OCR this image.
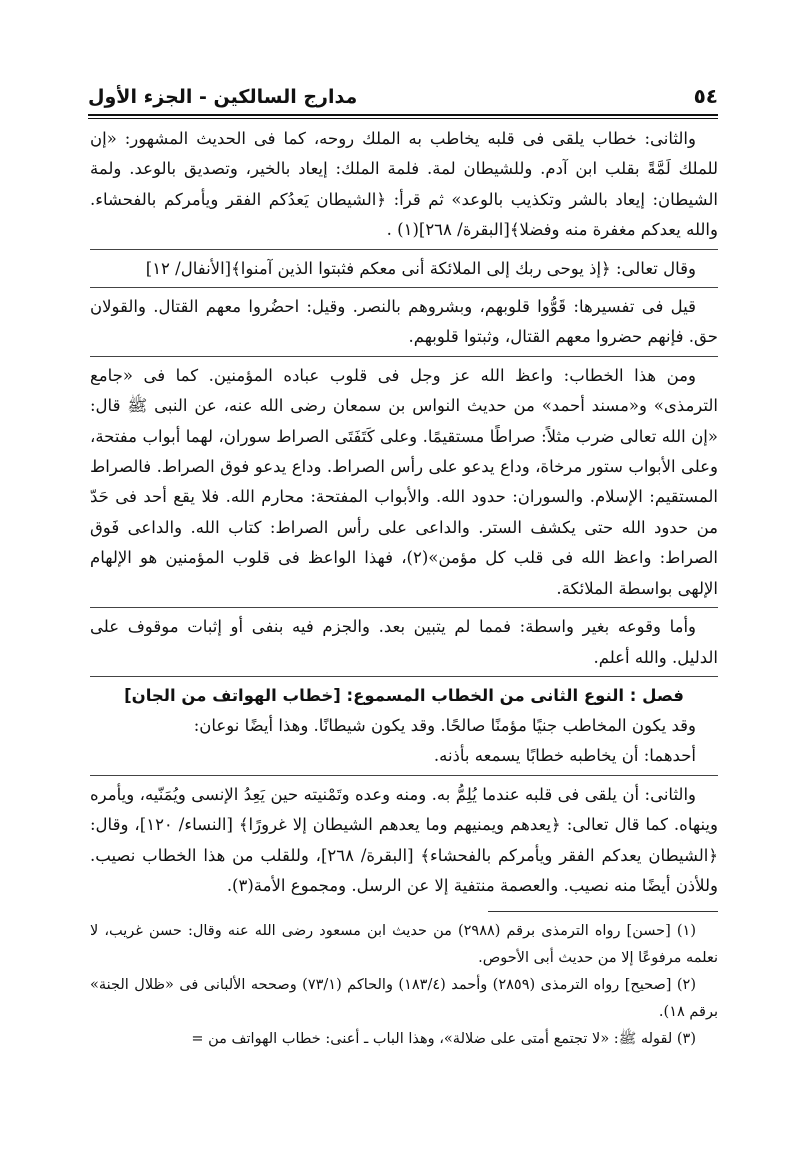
٥٤
مدارج السالكين - الجزء الأول

والثانى: خطاب يلقى فى قلبه يخاطب به الملك روحه، كما فى الحديث المشهور: «إن للملك لَمَّةً بقلب ابن آدم. وللشيطان لمة. فلمة الملك: إيعاد بالخير، وتصديق بالوعد. ولمة الشيطان: إيعاد بالشر وتكذيب بالوعد» ثم قرأ: ﴿الشيطان يَعدُكم الفقر ويأمركم بالفحشاء. والله يعدكم مغفرة منه وفضلا﴾[البقرة/ ٢٦٨](١) .

وقال تعالى: ﴿إذ يوحى ربك إلى الملائكة أنى معكم فثبتوا الذين آمنوا﴾[الأنفال/ ١٢]

قيل فى تفسيرها: قَوُّوا قلوبهم، وبشروهم بالنصر. وقيل: احضُروا معهم القتال. والقولان حق. فإنهم حضروا معهم القتال، وثبتوا قلوبهم.

ومن هذا الخطاب: واعظ الله عز وجل فى قلوب عباده المؤمنين. كما فى «جامع الترمذى» و«مسند أحمد» من حديث النواس بن سمعان رضى الله عنه، عن النبى ﷺ قال: «إن الله تعالى ضرب مثلاً: صراطًا مستقيمًا. وعلى كَتَفَتَى الصراط سوران، لهما أبواب مفتحة، وعلى الأبواب ستور مرخاة، وداع يدعو على رأس الصراط. وداع يدعو فوق الصراط. فالصراط المستقيم: الإسلام. والسوران: حدود الله. والأبواب المفتحة: محارم الله. فلا يقع أحد فى حَدّ من حدود الله حتى يكشف الستر. والداعى على رأس الصراط: كتاب الله. والداعى فَوق الصراط: واعظ الله فى قلب كل مؤمن»(٢)، فهذا الواعظ فى قلوب المؤمنين هو الإلهام الإلهى بواسطة الملائكة.

وأما وقوعه بغير واسطة: فمما لم يتبين بعد. والجزم فيه بنفى أو إثبات موقوف على الدليل. والله أعلم.

فصل : النوع الثانى من الخطاب المسموع: [خطاب الهواتف من الجان]

وقد يكون المخاطب جنيًا مؤمنًا صالحًا. وقد يكون شيطانًا. وهذا أيضًا نوعان:

أحدهما: أن يخاطبه خطابًا يسمعه بأذنه.

والثانى: أن يلقى فى قلبه عندما يُلِمُّ به. ومنه وعده وتَمْنيته حين يَعِدُ الإنسى ويُمَنّيه، ويأمره وينهاه. كما قال تعالى: ﴿يعدهم ويمنيهم وما يعدهم الشيطان إلا غرورًا﴾ [النساء/ ١٢٠]، وقال: ﴿الشيطان يعدكم الفقر ويأمركم بالفحشاء﴾ [البقرة/ ٢٦٨]، وللقلب من هذا الخطاب نصيب. وللأذن أيضًا منه نصيب. والعصمة منتفية إلا عن الرسل. ومجموع الأمة(٣).

(١) [حسن] رواه الترمذى برقم (٢٩٨٨) من حديث ابن مسعود رضى الله عنه وقال: حسن غريب، لا نعلمه مرفوعًا إلا من حديث أبى الأحوص.

(٢) [صحيح] رواه الترمذى (٢٨٥٩) وأحمد (١٨٣/٤) والحاكم (٧٣/١) وصححه الألبانى فى «ظلال الجنة» برقم ١٨).

(٣) لقوله ﷺ: «لا تجتمع أمتى على ضلالة»، وهذا الباب ـ أعنى: خطاب الهواتف من =
